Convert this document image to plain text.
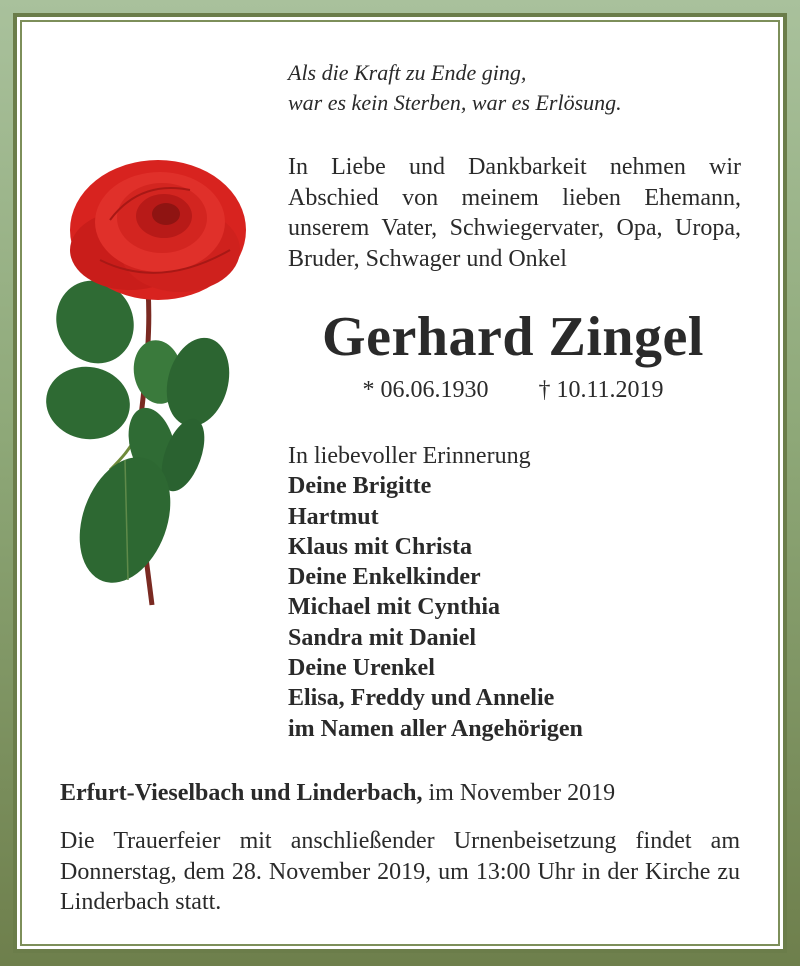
Als die Kraft zu Ende ging,
war es kein Sterben, war es Erlösung.
In Liebe und Dankbarkeit nehmen wir Abschied von meinem lieben Ehemann, unserem Vater, Schwiegervater, Opa, Uropa, Bruder, Schwager und Onkel
Gerhard Zingel
* 06.06.1930 † 10.11.2019
In liebevoller Erinnerung
Deine Brigitte
Hartmut
Klaus mit Christa
Deine Enkelkinder
Michael mit Cynthia
Sandra mit Daniel
Deine Urenkel
Elisa, Freddy und Annelie
im Namen aller Angehörigen
Erfurt-Vieselbach und Linderbach, im November 2019
Die Trauerfeier mit anschließender Urnenbeisetzung findet am Donnerstag, dem 28. November 2019, um 13:00 Uhr in der Kirche zu Linderbach statt.
